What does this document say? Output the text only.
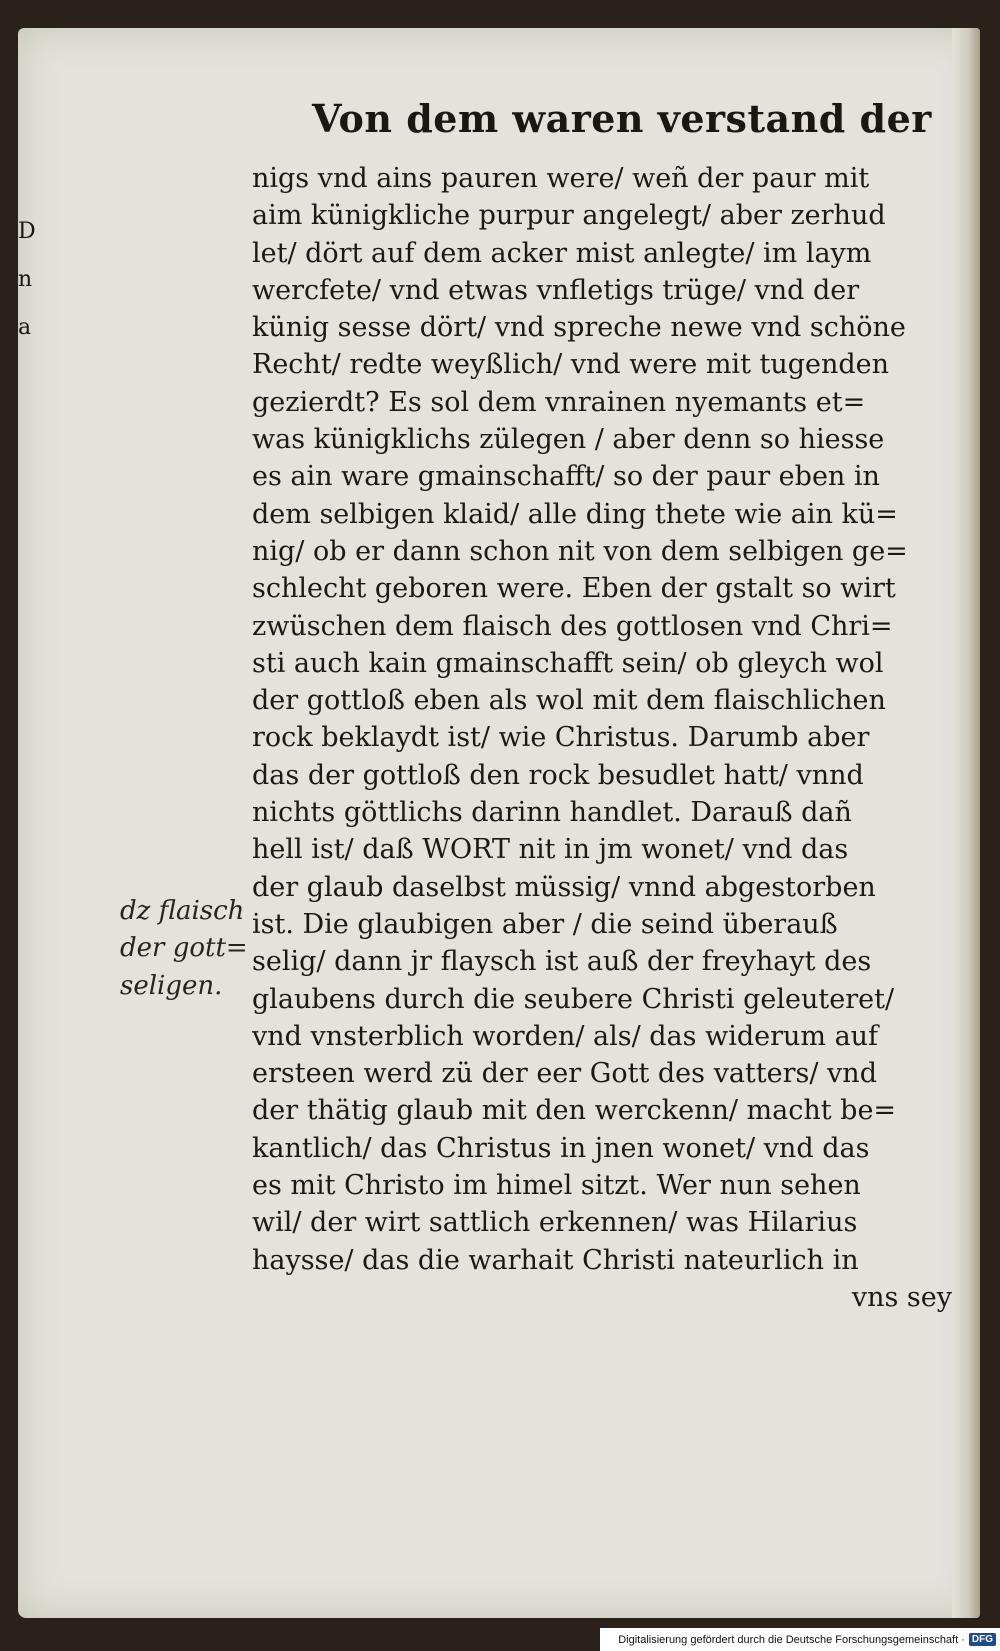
D
n
a
Von dem waren verstand der
nigs vnd ains pauren were/ weñ der paur mit
aim künigkliche purpur angelegt/ aber zerhud
let/ dört auf dem acker mist anlegte/ im laym
wercfete/ vnd etwas vnfletigs trüge/ vnd der
künig sesse dört/ vnd spreche newe vnd schöne
Recht/ redte weyßlich/ vnd were mit tugenden
gezierdt? Es sol dem vnrainen nyemants et=
was künigklichs zülegen / aber denn so hiesse
es ain ware gmainschafft/ so der paur eben in
dem selbigen klaid/ alle ding thete wie ain kü=
nig/ ob er dann schon nit von dem selbigen ge=
schlecht geboren were. Eben der gstalt so wirt
zwüschen dem flaisch des gottlosen vnd Chri=
sti auch kain gmainschafft sein/ ob gleych wol
der gottloß eben als wol mit dem flaischlichen
rock beklaydt ist/ wie Christus. Darumb aber
das der gottloß den rock besudlet hatt/ vnnd
nichts göttlichs darinn handlet. Darauß dañ
hell ist/ daß WORT nit in jm wonet/ vnd das
der glaub daselbst müssig/ vnnd abgestorben
ist. Die glaubigen aber / die seind überauß
selig/ dann jr flaysch ist auß der freyhayt des
glaubens durch die seubere Christi geleuteret/
vnd vnsterblich worden/ als/ das widerum auf
ersteen werd zü der eer Gott des vatters/ vnd
der thätig glaub mit den werckenn/ macht be=
kantlich/ das Christus in jnen wonet/ vnd das
es mit Christo im himel sitzt. Wer nun sehen
wil/ der wirt sattlich erkennen/ was Hilarius
haysse/ das die warhait Christi nateurlich in
vns sey
dz flaisch
der gott=
seligen.
Digitalisierung gefördert durch die Deutsche Forschungsgemeinschaft · DFG
